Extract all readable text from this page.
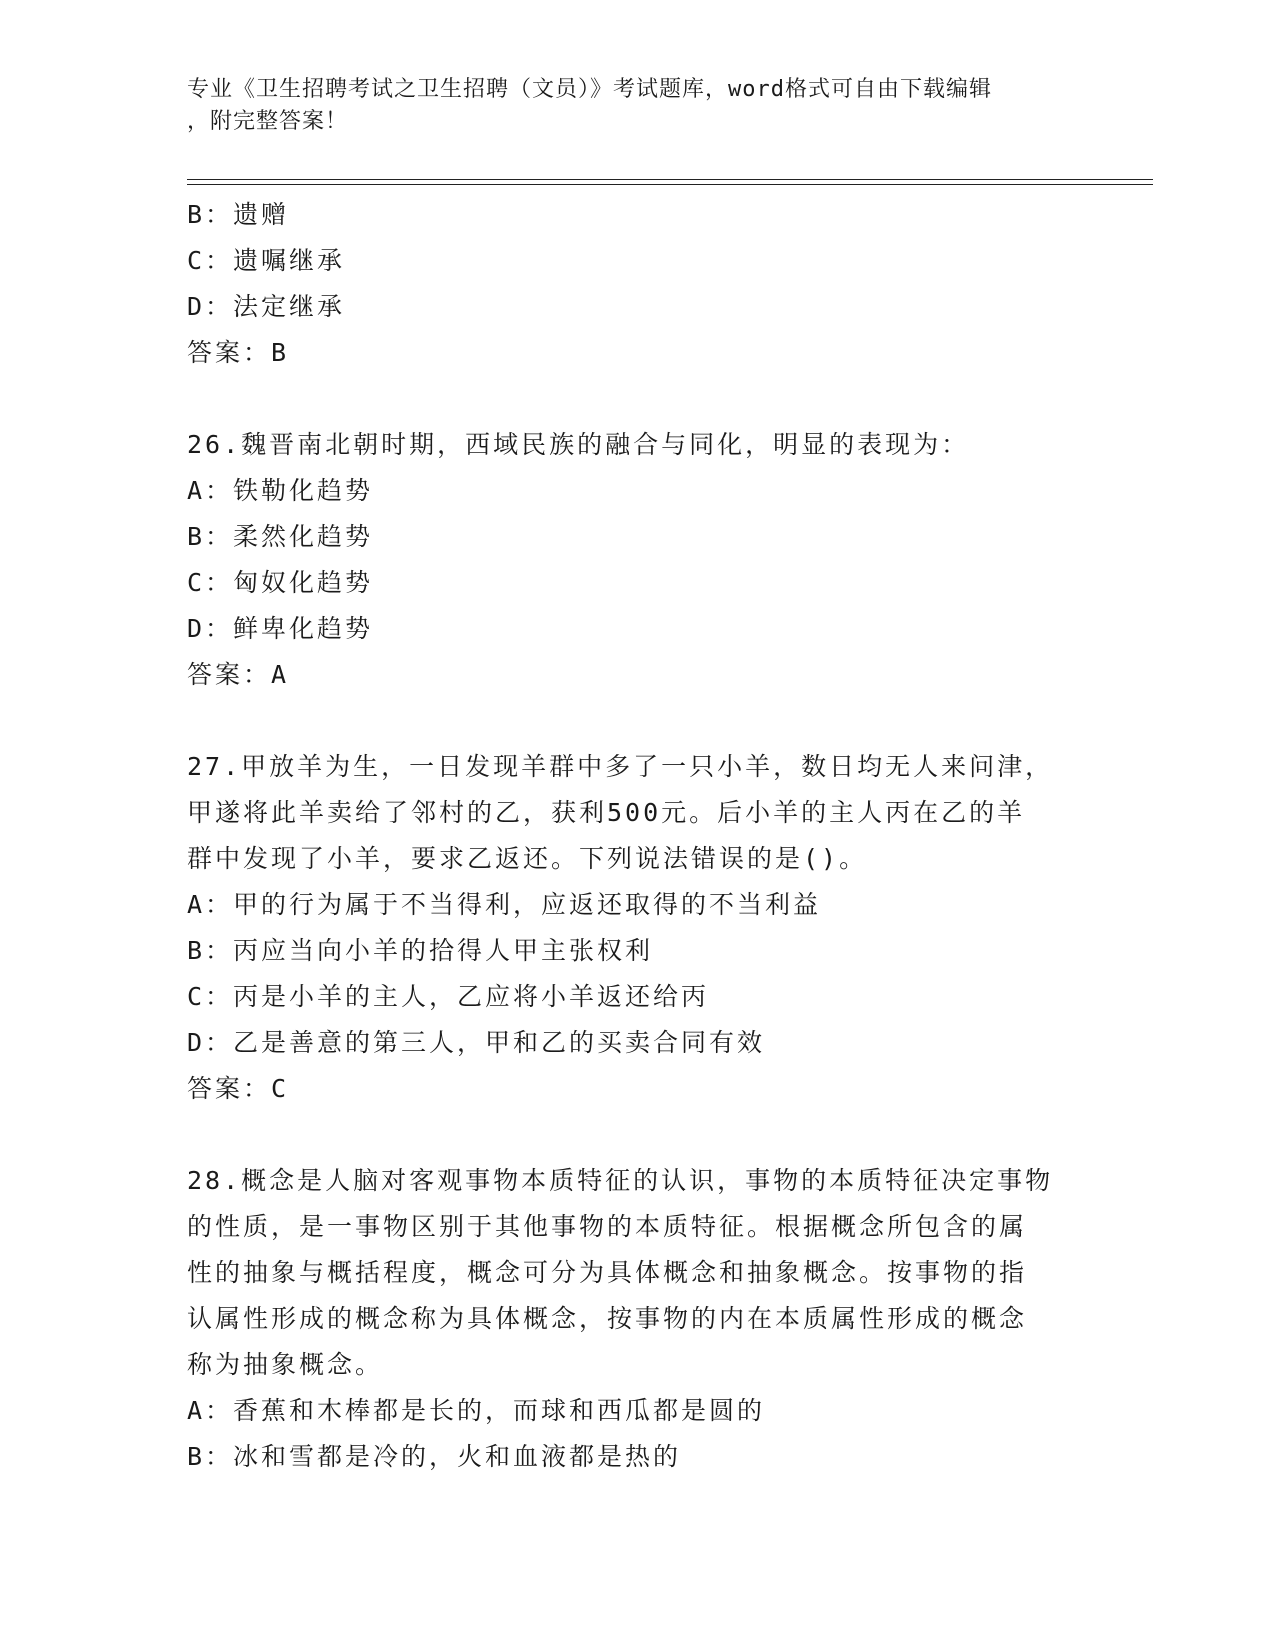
专业《卫生招聘考试之卫生招聘（文员）》考试题库，word格式可自由下载编辑
，附完整答案！
B：遗赠
C：遗嘱继承
D：法定继承
答案：B
26.魏晋南北朝时期，西域民族的融合与同化，明显的表现为：
A：铁勒化趋势
B：柔然化趋势
C：匈奴化趋势
D：鲜卑化趋势
答案：A
27.甲放羊为生，一日发现羊群中多了一只小羊，数日均无人来问津，
甲遂将此羊卖给了邻村的乙，获利500元。后小羊的主人丙在乙的羊
群中发现了小羊，要求乙返还。下列说法错误的是()。
A：甲的行为属于不当得利，应返还取得的不当利益
B：丙应当向小羊的拾得人甲主张权利
C：丙是小羊的主人，乙应将小羊返还给丙
D：乙是善意的第三人，甲和乙的买卖合同有效
答案：C
28.概念是人脑对客观事物本质特征的认识，事物的本质特征决定事物
的性质，是一事物区别于其他事物的本质特征。根据概念所包含的属
性的抽象与概括程度，概念可分为具体概念和抽象概念。按事物的指
认属性形成的概念称为具体概念，按事物的内在本质属性形成的概念
称为抽象概念。
A：香蕉和木棒都是长的，而球和西瓜都是圆的
B：冰和雪都是冷的，火和血液都是热的
